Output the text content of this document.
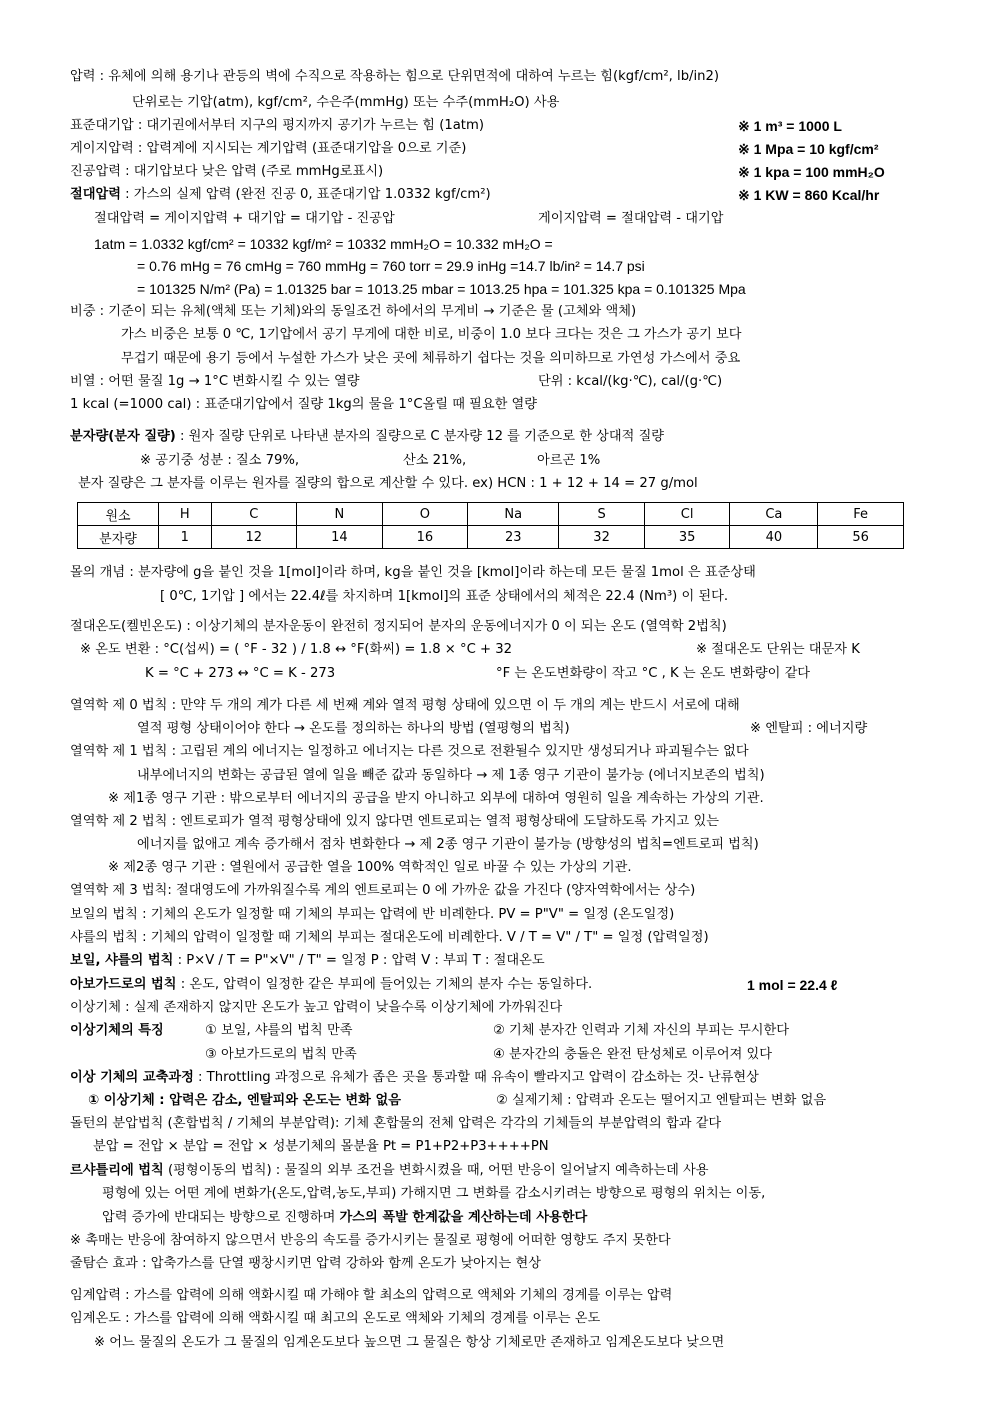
압력 : 유체에 의해 용기나 관등의 벽에 수직으로 작용하는 힘으로 단위면적에 대하여 누르는 힘(kgf/cm², lb/in2)
단위로는 기압(atm), kgf/cm², 수은주(mmHg) 또는 수주(mmH₂O) 사용
표준대기압 : 대기권에서부터 지구의 평지까지 공기가 누르는 힘 (1atm)	※ 1 m³ = 1000 L
게이지압력 : 압력계에 지시되는 계기압력 (표준대기압을 0으로 기준)	※ 1 Mpa = 10 kgf/cm²
진공압력 : 대기압보다 낮은 압력 (주로 mmHg로표시)	※ 1 kpa = 100 mmH₂O
절대압력 : 가스의 실제 압력 (완전 진공 0, 표준대기압 1.0332 kgf/cm²)	※ 1 KW = 860 Kcal/hr
절대압력 = 게이지압력 + 대기압 = 대기압 - 진공압	게이지압력 = 절대압력 - 대기압
1atm = 1.0332 kgf/cm² = 10332 kgf/m² = 10332 mmH₂O = 10.332 mH₂O =
= 0.76 mHg = 76 cmHg = 760 mmHg = 760 torr = 29.9 inHg =14.7 lb/in² = 14.7 psi
= 101325 N/m² (Pa) = 1.01325 bar = 1013.25 mbar = 1013.25 hpa = 101.325 kpa = 0.101325 Mpa
비중 : 기준이 되는 유체(액체 또는 기체)와의 동일조건 하에서의 무게비 → 기준은 물 (고체와 액체)
가스 비중은 보통 0 ℃, 1기압에서 공기 무게에 대한 비로, 비중이 1.0 보다 크다는 것은 그 가스가 공기 보다
무겁기 때문에 용기 등에서 누설한 가스가 낮은 곳에 체류하기 쉽다는 것을 의미하므로 가연성 가스에서 중요
비열 : 어떤 물질 1g → 1°C 변화시킬 수 있는 열량	단위 : kcal/(kg·℃), cal/(g·℃)
1 kcal (=1000 cal) : 표준대기압에서 질량 1kg의 물을 1°C올릴 때 필요한 열량
분자량(분자 질량) : 원자 질량 단위로 나타낸 분자의 질량으로 C 분자량 12 를 기준으로 한 상대적 질량
※ 공기중 성분 : 질소 79%,	산소 21%,	아르곤 1%
분자 질량은 그 분자를 이루는 원자를 질량의 합으로 계산할 수 있다. ex) HCN : 1 + 12 + 14 = 27 g/mol
원소	H	C	N	O	Na	S	Cl	Ca	Fe
분자량	1	12	14	16	23	32	35	40	56
몰의 개념 : 분자량에 g을 붙인 것을 1[mol]이라 하며, kg을 붙인 것을 [kmol]이라 하는데 모든 물질 1mol 은 표준상태
[ 0℃, 1기압 ] 에서는 22.4ℓ를 차지하며 1[kmol]의 표준 상태에서의 체적은 22.4 (Nm³) 이 된다.
절대온도(켈빈온도) : 이상기체의 분자운동이 완전히 정지되어 분자의 운동에너지가 0 이 되는 온도 (열역학 2법칙)
※ 온도 변환 : °C(섭씨) = ( °F - 32 ) / 1.8 ↔ °F(화씨) = 1.8 × °C + 32	※ 절대온도 단위는 대문자 K
K = °C + 273 ↔ °C = K - 273	°F 는 온도변화량이 작고 °C , K 는 온도 변화량이 같다
열역학 제 0 법칙 : 만약 두 개의 계가 다른 세 번째 계와 열적 평형 상태에 있으면 이 두 개의 계는 반드시 서로에 대해
열적 평형 상태이어야 한다 → 온도를 정의하는 하나의 방법 (열평형의 법칙)	※ 엔탈피 : 에너지량
열역학 제 1 법칙 : 고립된 계의 에너지는 일정하고 에너지는 다른 것으로 전환될수 있지만 생성되거나 파괴될수는 없다
내부에너지의 변화는 공급된 열에 일을 빼준 값과 동일하다 → 제 1종 영구 기관이 불가능 (에너지보존의 법칙)
※ 제1종 영구 기관 : 밖으로부터 에너지의 공급을 받지 아니하고 외부에 대하여 영원히 일을 계속하는 가상의 기관.
열역학 제 2 법칙 : 엔트로피가 열적 평형상태에 있지 않다면 엔트로피는 열적 평형상태에 도달하도록 가지고 있는
에너지를 없애고 계속 증가해서 점차 변화한다 → 제 2종 영구 기관이 불가능 (방향성의 법칙=엔트로피 법칙)
※ 제2종 영구 기관 : 열원에서 공급한 열을 100% 역학적인 일로 바꿀 수 있는 가상의 기관.
열역학 제 3 법칙: 절대영도에 가까워질수록 계의 엔트로피는 0 에 가까운 값을 가진다 (양자역학에서는 상수)
보일의 법칙 : 기체의 온도가 일정할 때 기체의 부피는 압력에 반 비례한다. PV = P"V" = 일정 (온도일정)
샤를의 법칙 : 기체의 압력이 일정할 때 기체의 부피는 절대온도에 비례한다. V / T = V" / T" = 일정 (압력일정)
보일, 샤를의 법칙 : P×V / T = P"×V" / T" = 일정 P : 압력 V : 부피 T : 절대온도
아보가드로의 법칙 : 온도, 압력이 일정한 같은 부피에 들어있는 기체의 분자 수는 동일하다.	1 mol = 22.4 ℓ
이상기체 : 실제 존재하지 않지만 온도가 높고 압력이 낮을수록 이상기체에 가까워진다
이상기체의 특징	① 보일, 샤를의 법칙 만족	② 기체 분자간 인력과 기체 자신의 부피는 무시한다
③ 아보가드로의 법칙 만족	④ 분자간의 충돌은 완전 탄성체로 이루어져 있다
이상 기체의 교축과정 : Throttling 과정으로 유체가 좁은 곳을 통과할 때 유속이 빨라지고 압력이 감소하는 것- 난류현상
① 이상기체 : 압력은 감소, 엔탈피와 온도는 변화 없음	② 실제기체 : 압력과 온도는 떨어지고 엔탈피는 변화 없음
돌턴의 분압법칙 (혼합법칙 / 기체의 부분압력): 기체 혼합물의 전체 압력은 각각의 기체들의 부분압력의 합과 같다
분압 = 전압 × 분압 = 전압 × 성분기체의 몰분율 Pt = P1+P2+P3++++PN
르샤틀리에 법칙 (평형이동의 법칙) : 물질의 외부 조건을 변화시켰을 때, 어떤 반응이 일어날지 예측하는데 사용
평형에 있는 어떤 계에 변화가(온도,압력,농도,부피) 가해지면 그 변화를 감소시키려는 방향으로 평형의 위치는 이동,
압력 증가에 반대되는 방향으로 진행하며 가스의 폭발 한계값을 계산하는데 사용한다
※ 촉매는 반응에 참여하지 않으면서 반응의 속도를 증가시키는 물질로 평형에 어떠한 영향도 주지 못한다
줄탐슨 효과 : 압축가스를 단열 팽창시키면 압력 강하와 함께 온도가 낮아지는 현상
임계압력 : 가스를 압력에 의해 액화시킬 때 가해야 할 최소의 압력으로 액체와 기체의 경계를 이루는 압력
임계온도 : 가스를 압력에 의해 액화시킬 때 최고의 온도로 액체와 기체의 경계를 이루는 온도
※ 어느 물질의 온도가 그 물질의 임계온도보다 높으면 그 물질은 항상 기체로만 존재하고 임계온도보다 낮으면
